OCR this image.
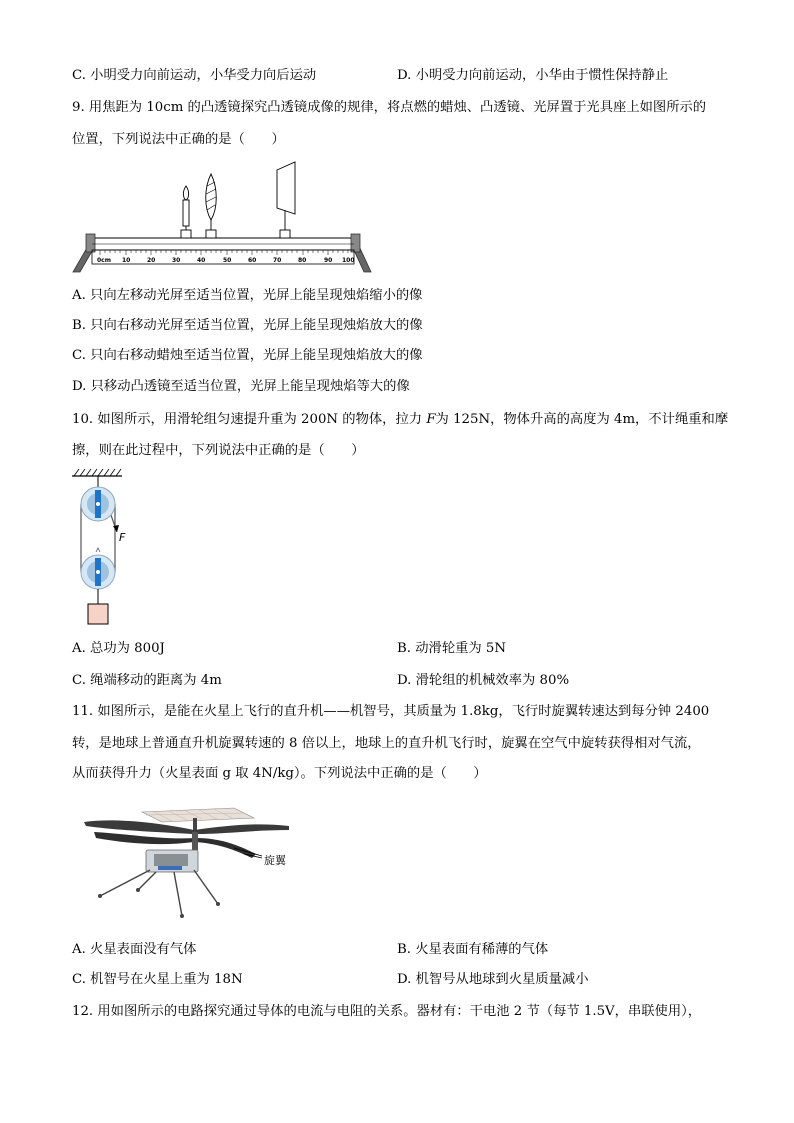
C. 小明受力向前运动，小华受力向后运动	D. 小明受力向前运动，小华由于惯性保持静止
9. 用焦距为 10cm 的凸透镜探究凸透镜成像的规律，将点燃的蜡烛、凸透镜、光屏置于光具座上如图所示的
位置，下列说法中正确的是（　　）
0cm 10	20	30	40	50	60	70	80	90 100
A. 只向左移动光屏至适当位置，光屏上能呈现烛焰缩小的像
B. 只向右移动光屏至适当位置，光屏上能呈现烛焰放大的像
C. 只向右移动蜡烛至适当位置，光屏上能呈现烛焰放大的像
D. 只移动凸透镜至适当位置，光屏上能呈现烛焰等大的像
10. 如图所示，用滑轮组匀速提升重为 200N 的物体，拉力 F为 125N，物体升高的高度为 4m，不计绳重和摩
擦，则在此过程中，下列说法中正确的是（　　）
F
A. 总功为 800J	B. 动滑轮重为 5N
C. 绳端移动的距离为 4m	D. 滑轮组的机械效率为 80%
11. 如图所示，是能在火星上飞行的直升机——机智号，其质量为 1.8kg，飞行时旋翼转速达到每分钟 2400
转，是地球上普通直升机旋翼转速的 8 倍以上，地球上的直升机飞行时，旋翼在空气中旋转获得相对气流，
从而获得升力（火星表面 g 取 4N/kg）。下列说法中正确的是（　　）
旋翼
A. 火星表面没有气体	B. 火星表面有稀薄的气体
C. 机智号在火星上重为 18N	D. 机智号从地球到火星质量减小
12. 用如图所示的电路探究通过导体的电流与电阻的关系。器材有：干电池 2 节（每节 1.5V，串联使用），
